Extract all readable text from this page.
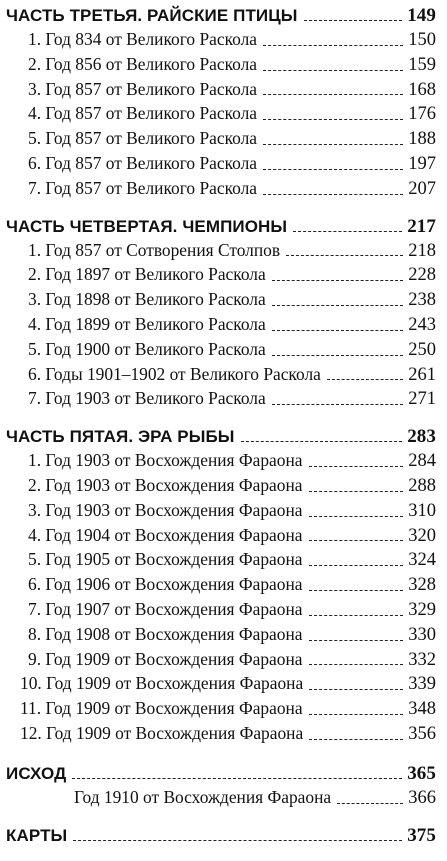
ЧАСТЬ ТРЕТЬЯ. РАЙСКИЕ ПТИЦЫ	149
1. Год 834 от Великого Раскола	150
2. Год 856 от Великого Раскола	159
3. Год 857 от Великого Раскола	168
4. Год 857 от Великого Раскола	176
5. Год 857 от Великого Раскола	188
6. Год 857 от Великого Раскола	197
7. Год 857 от Великого Раскола	207
ЧАСТЬ ЧЕТВЕРТАЯ. ЧЕМПИОНЫ	217
1. Год 857 от Сотворения Столпов	218
2. Год 1897 от Великого Раскола	228
3. Год 1898 от Великого Раскола	238
4. Год 1899 от Великого Раскола	243
5. Год 1900 от Великого Раскола	250
6. Годы 1901–1902 от Великого Раскола	261
7. Год 1903 от Великого Раскола	271
ЧАСТЬ ПЯТАЯ. ЭРА РЫБЫ	283
1. Год 1903 от Восхождения Фараона	284
2. Год 1903 от Восхождения Фараона	288
3. Год 1903 от Восхождения Фараона	310
4. Год 1904 от Восхождения Фараона	320
5. Год 1905 от Восхождения Фараона	324
6. Год 1906 от Восхождения Фараона	328
7. Год 1907 от Восхождения Фараона	329
8. Год 1908 от Восхождения Фараона	330
9. Год 1909 от Восхождения Фараона	332
10. Год 1909 от Восхождения Фараона	339
11. Год 1909 от Восхождения Фараона	348
12. Год 1909 от Восхождения Фараона	356
ИСХОД	365
Год 1910 от Восхождения Фараона	366
КАРТЫ	375
